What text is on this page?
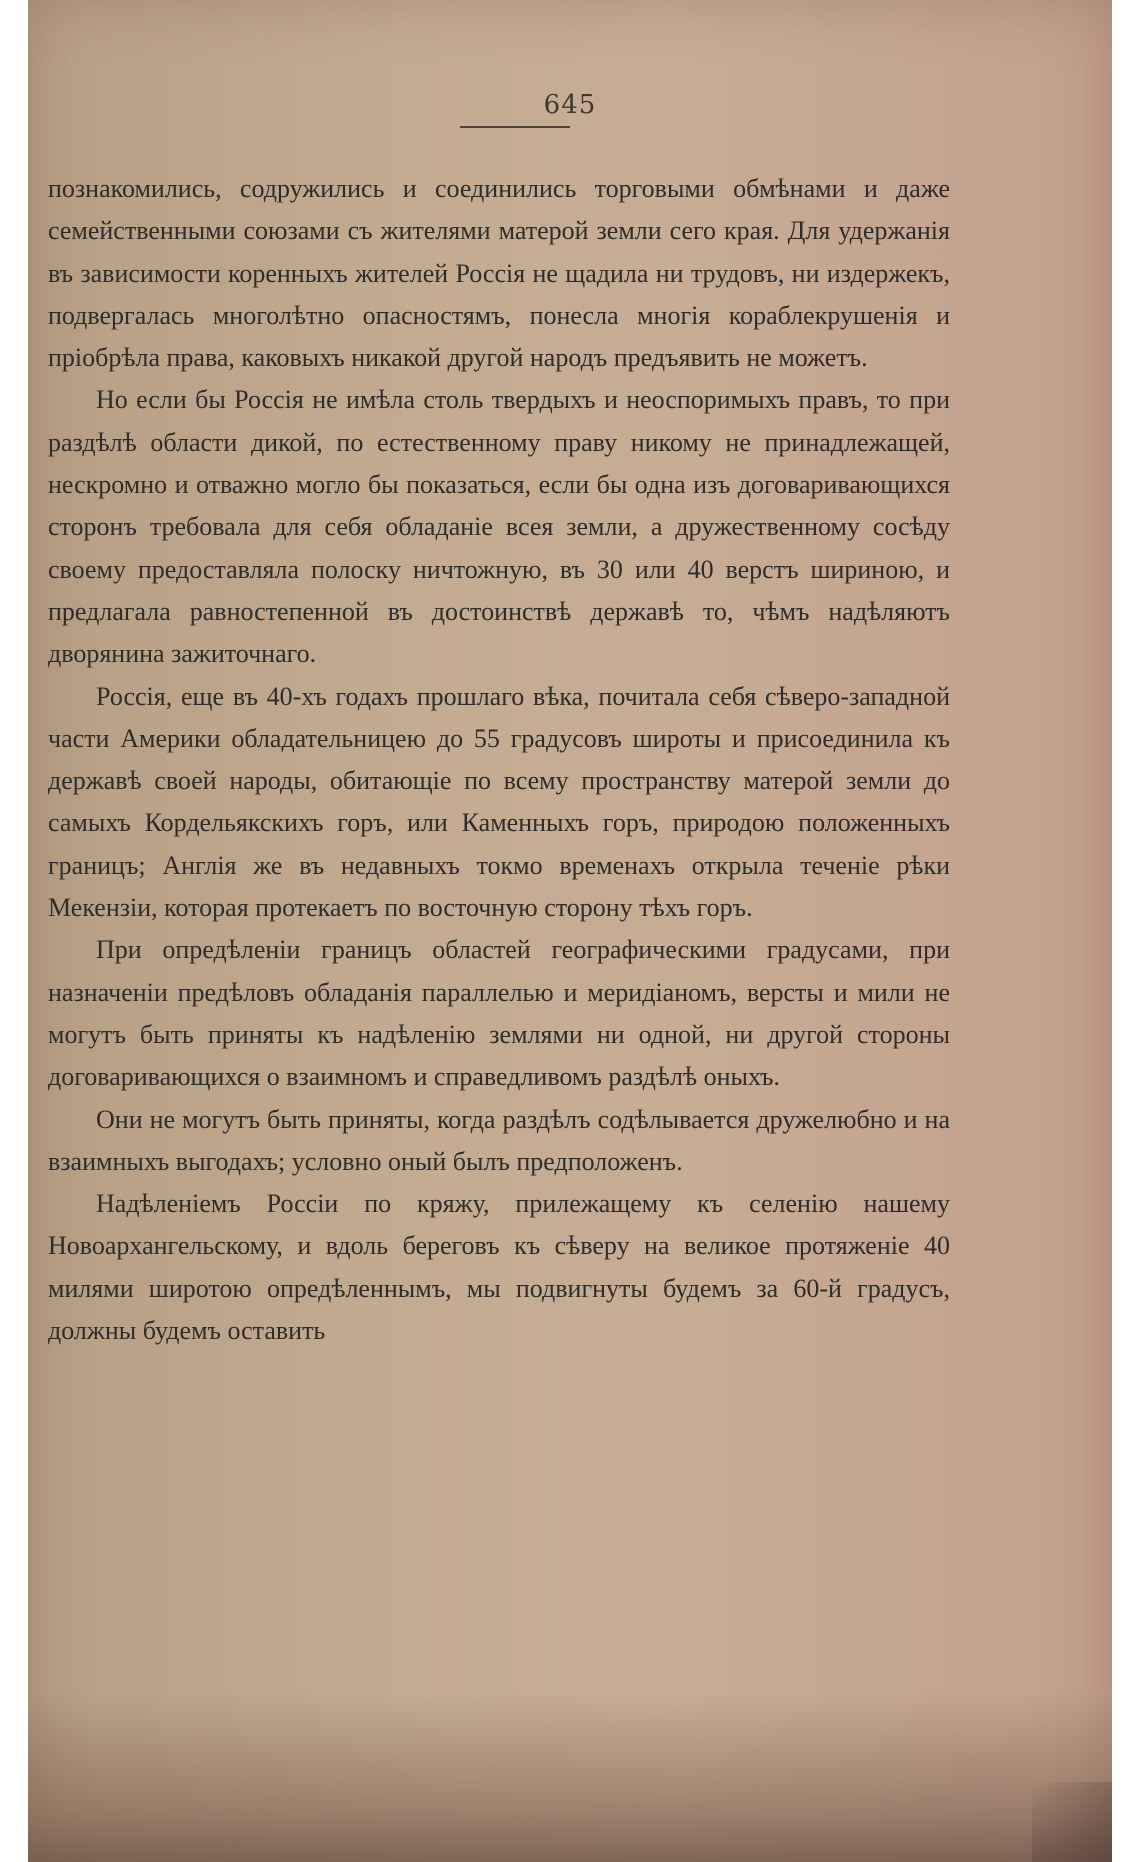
645

познакомились, содружились и соединились торговыми обмѣнами и даже семейственными союзами съ жителями матерой земли сего края. Для удержанія въ зависимости коренныхъ жителей Россія не щадила ни трудовъ, ни издержекъ, подвергалась многолѣтно опасностямъ, понесла многія кораблекрушенія и пріобрѣла права, каковыхъ никакой другой народъ предъявить не можетъ.

Но если бы Россія не имѣла столь твердыхъ и неоспоримыхъ правъ, то при раздѣлѣ области дикой, по естественному праву никому не принадлежащей, нескромно и отважно могло бы показаться, если бы одна изъ договаривающихся сторонъ требовала для себя обладаніе всея земли, а дружественному сосѣду своему предоставляла полоску ничтожную, въ 30 или 40 верстъ шириною, и предлагала равностепенной въ достоинствѣ державѣ то, чѣмъ надѣляютъ дворянина зажиточнаго.

Россія, еще въ 40-хъ годахъ прошлаго вѣка, почитала себя сѣверо-западной части Америки обладательницею до 55 градусовъ широты и присоединила къ державѣ своей народы, обитающіе по всему пространству матерой земли до самыхъ Кордельякскихъ горъ, или Каменныхъ горъ, природою положенныхъ границъ; Англія же въ недавныхъ токмо временахъ открыла теченіе рѣки Мекензіи, которая протекаетъ по восточную сторону тѣхъ горъ.

При опредѣленіи границъ областей географическими градусами, при назначеніи предѣловъ обладанія параллелью и меридіаномъ, версты и мили не могутъ быть приняты къ надѣленію землями ни одной, ни другой стороны договаривающихся о взаимномъ и справедливомъ раздѣлѣ оныхъ.

Они не могутъ быть приняты, когда раздѣлъ содѣлывается дружелюбно и на взаимныхъ выгодахъ; условно оный былъ предположенъ.

Надѣленіемъ Россіи по кряжу, прилежащему къ селенію нашему Новоархангельскому, и вдоль береговъ къ сѣверу на великое протяженіе 40 милями широтою опредѣленнымъ, мы подвигнуты будемъ за 60-й градусъ, должны будемъ оставить
